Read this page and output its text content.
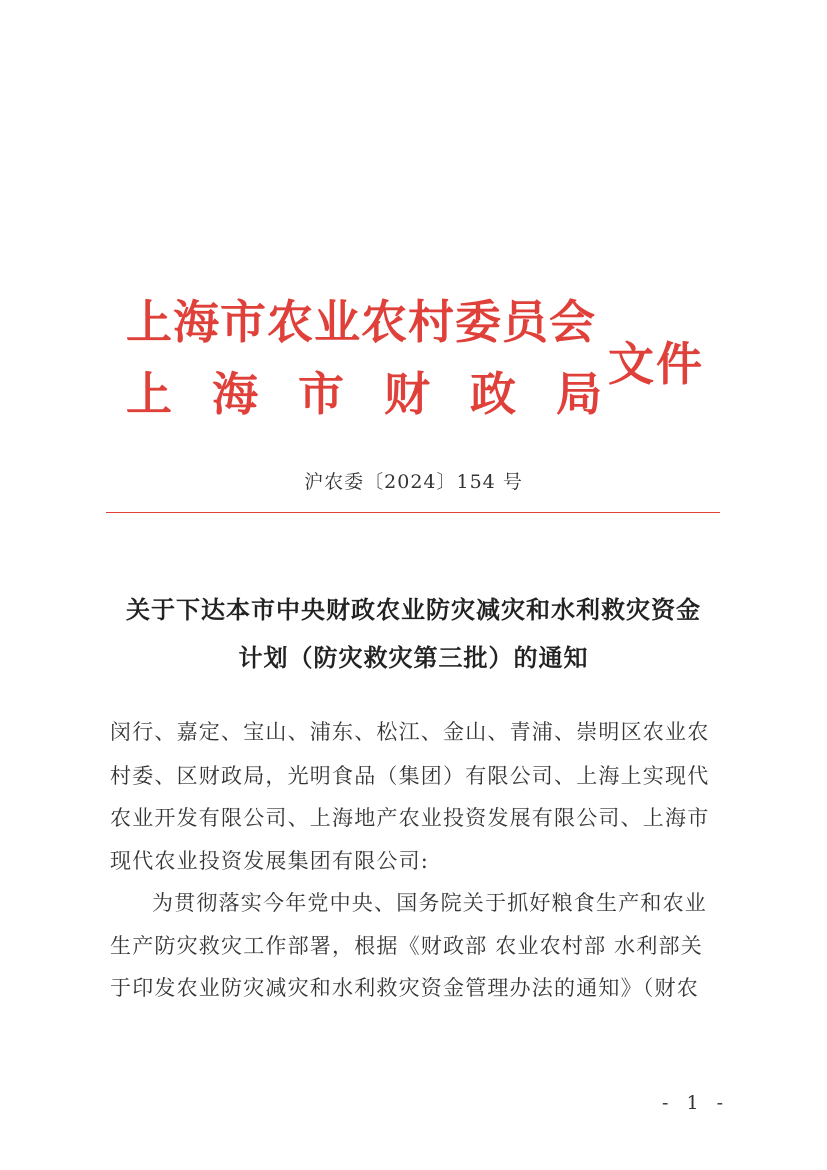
上海市农业农村委员会
上海市财政局
文件
沪农委〔2024〕154 号
关于下达本市中央财政农业防灾减灾和水利救灾资金
计划（防灾救灾第三批）的通知
闵行、嘉定、宝山、浦东、松江、金山、青浦、崇明区农业农
村委、区财政局，光明食品（集团）有限公司、上海上实现代
农业开发有限公司、上海地产农业投资发展有限公司、上海市
现代农业投资发展集团有限公司:
为贯彻落实今年党中央、国务院关于抓好粮食生产和农业
生产防灾救灾工作部署，根据《财政部 农业农村部 水利部关
于印发农业防灾减灾和水利救灾资金管理办法的通知》（财农
- 1 -
